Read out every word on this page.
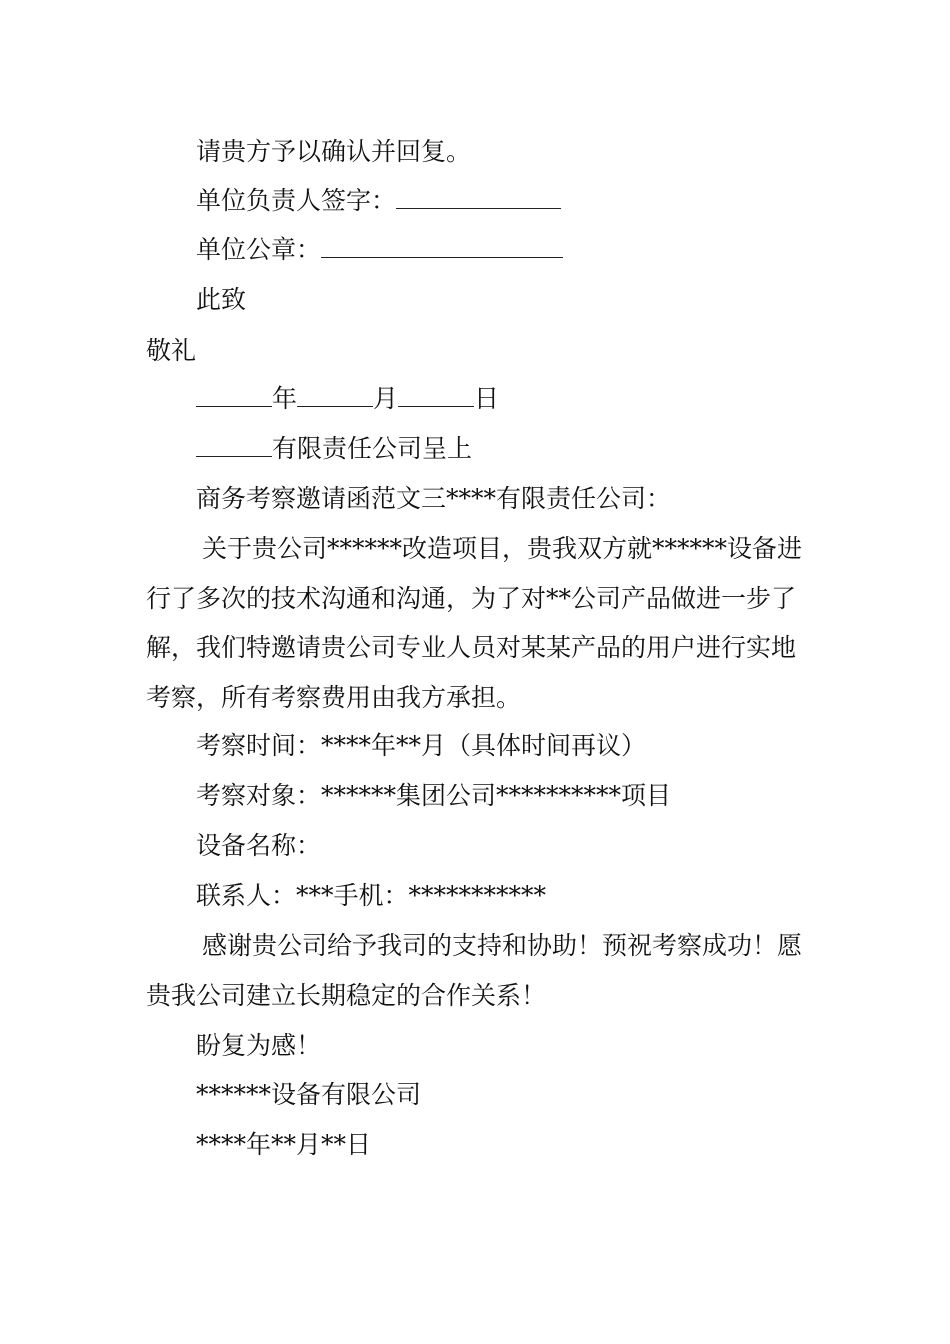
请贵方予以确认并回复。
单位负责人签字：
单位公章：
此致
敬礼
年	月	日
有限责任公司呈上
商务考察邀请函范文三****有限责任公司：
关于贵公司******改造项目，贵我双方就******设备进行了多次的技术沟通和沟通，为了对**公司产品做进一步了解，我们特邀请贵公司专业人员对某某产品的用户进行实地考察，所有考察费用由我方承担。
考察时间：****年**月（具体时间再议）
考察对象：******集团公司**********项目
设备名称：
联系人：***手机：***********
感谢贵公司给予我司的支持和协助！预祝考察成功！愿贵我公司建立长期稳定的合作关系！
盼复为感！
******设备有限公司
****年**月**日
